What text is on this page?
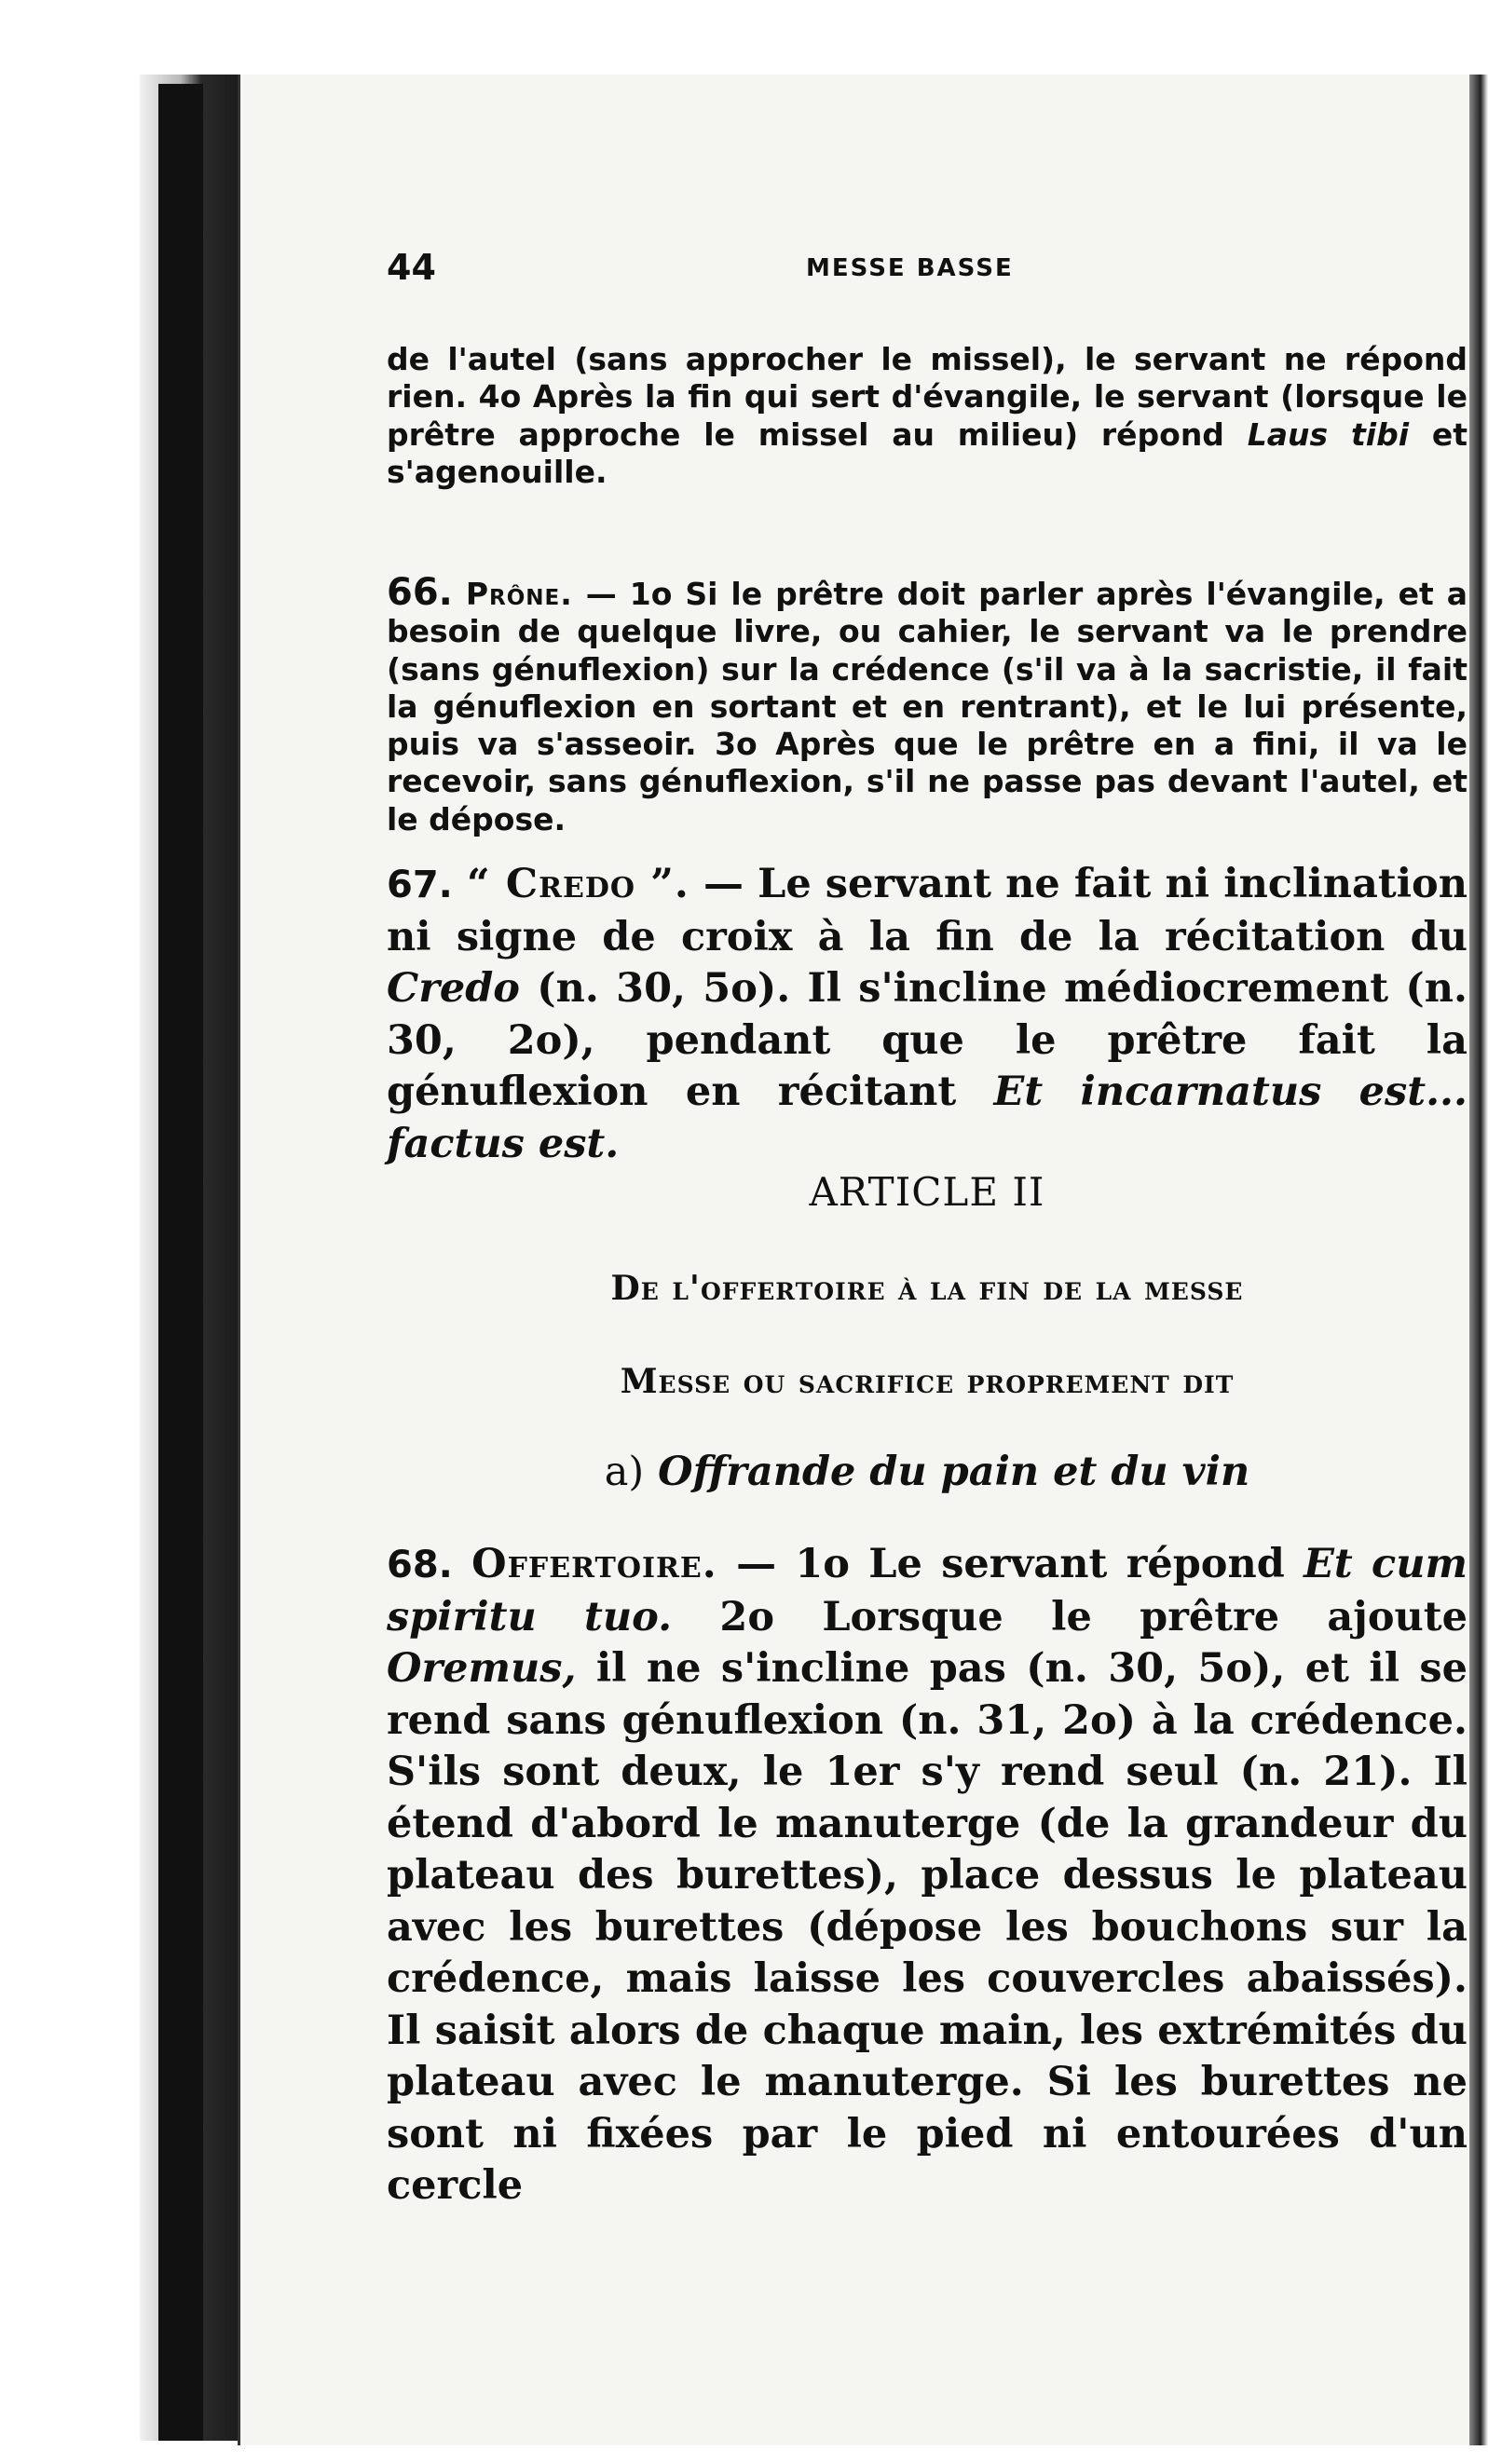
44	MESSE BASSE
de l'autel (sans approcher le missel), le servant ne répond rien. 4o Après la fin qui sert d'évangile, le servant (lorsque le prêtre approche le missel au milieu) répond Laus tibi et s'agenouille.
66. Prône. — 1o Si le prêtre doit parler après l'évangile, et a besoin de quelque livre, ou cahier, le servant va le prendre (sans génuflexion) sur la crédence (s'il va à la sacristie, il fait la génuflexion en sortant et en rentrant), et le lui présente, puis va s'asseoir. 3o Après que le prêtre en a fini, il va le recevoir, sans génuflexion, s'il ne passe pas devant l'autel, et le dépose.
67. “ Credo ”. — Le servant ne fait ni inclination ni signe de croix à la fin de la récitation du Credo (n. 30, 5o). Il s'incline médiocrement (n. 30, 2o), pendant que le prêtre fait la génuflexion en récitant Et incarnatus est... factus est.
ARTICLE II
De l'offertoire à la fin de la messe
Messe ou sacrifice proprement dit
a) Offrande du pain et du vin
68. Offertoire. — 1o Le servant répond Et cum spiritu tuo. 2o Lorsque le prêtre ajoute Oremus, il ne s'incline pas (n. 30, 5o), et il se rend sans génuflexion (n. 31, 2o) à la crédence. S'ils sont deux, le 1er s'y rend seul (n. 21). Il étend d'abord le manuterge (de la grandeur du plateau des burettes), place dessus le plateau avec les burettes (dépose les bouchons sur la crédence, mais laisse les couvercles abaissés). Il saisit alors de chaque main, les extrémités du plateau avec le manuterge. Si les burettes ne sont ni fixées par le pied ni entourées d'un cercle
